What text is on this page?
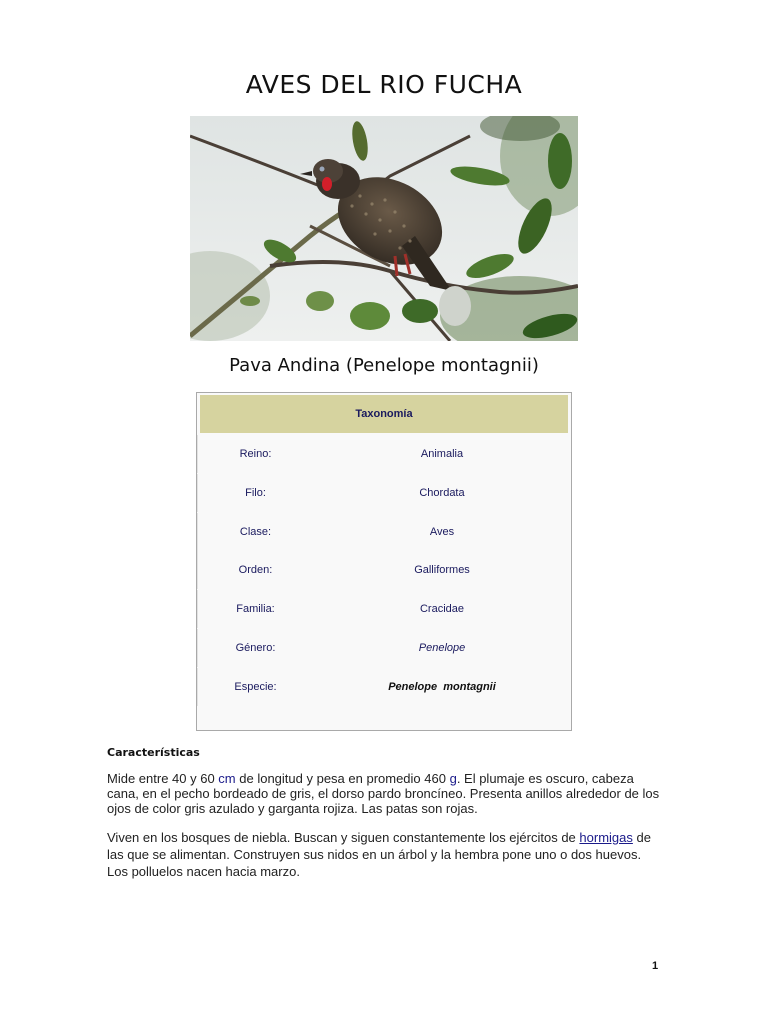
AVES DEL RIO FUCHA
Pava Andina (Penelope montagnii)
Taxonomía
Reino:	Animalia
Filo:	Chordata
Clase:	Aves
Orden:	Galliformes
Familia:	Cracidae
Género:	Penelope
Especie:	Penelope  montagnii
Características
Mide entre 40 y 60 cm de longitud y pesa en promedio 460 g. El plumaje es oscuro, cabeza cana, en el pecho bordeado de gris, el dorso pardo broncíneo. Presenta anillos alrededor de los ojos de color gris azulado y garganta rojiza. Las patas son rojas.
Viven en los bosques de niebla. Buscan y siguen constantemente los ejércitos de hormigas de las que se alimentan. Construyen sus nidos en un árbol y la hembra pone uno o dos huevos. Los polluelos nacen hacia marzo.
1
